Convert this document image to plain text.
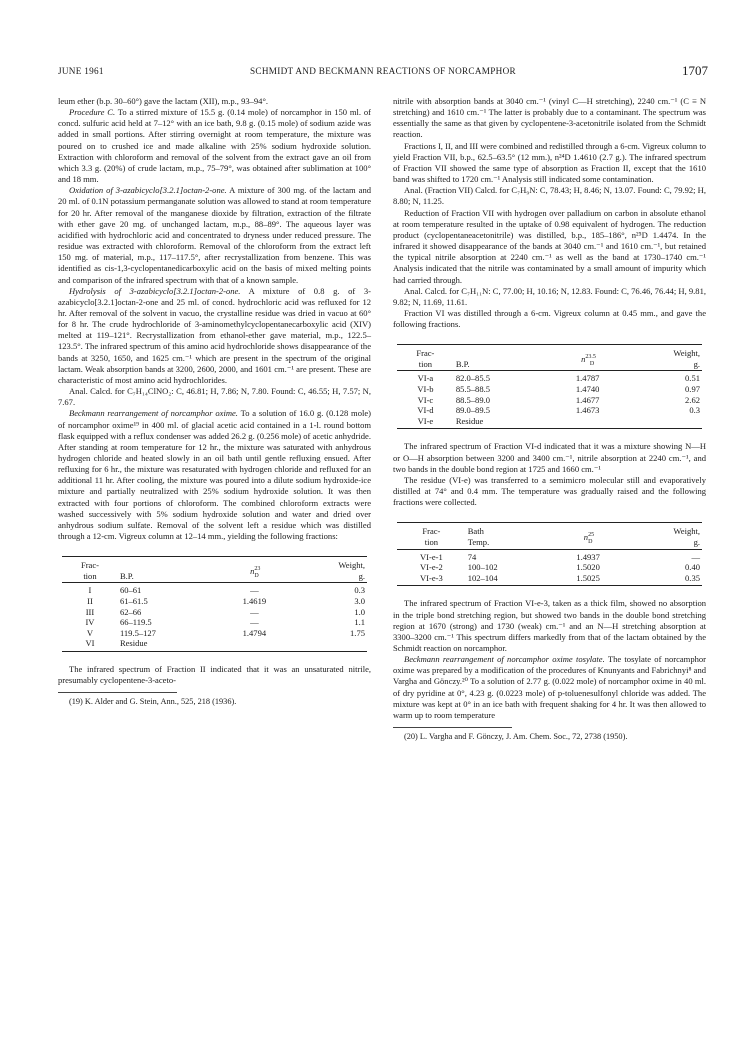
JUNE 1961	SCHMIDT AND BECKMANN REACTIONS OF NORCAMPHOR	1707

leum ether (b.p. 30–60°) gave the lactam (XII), m.p., 93–94°.

Procedure C. To a stirred mixture of 15.5 g. (0.14 mole) of norcamphor in 150 ml. of concd. sulfuric acid held at 7–12° with an ice bath, 9.8 g. (0.15 mole) of sodium azide was added in small portions. After stirring overnight at room temperature, the mixture was poured on to crushed ice and made alkaline with 25% sodium hydroxide solution. Extraction with chloroform and removal of the solvent from the extract gave an oil from which 3.3 g. (20%) of crude lactam, m.p., 75–79°, was obtained after sublimation at 100° and 18 mm.

Oxidation of 3-azabicyclo[3.2.1]octan-2-one. A mixture of 300 mg. of the lactam and 20 ml. of 0.1N potassium permanganate solution was allowed to stand at room temperature for 20 hr. After removal of the manganese dioxide by filtration, extraction of the filtrate with ether gave 20 mg. of unchanged lactam, m.p., 88–89°. The aqueous layer was acidified with hydrochloric acid and concentrated to dryness under reduced pressure. The residue was extracted with chloroform. Removal of the chloroform from the extract left 150 mg. of material, m.p., 117–117.5°, after recrystallization from benzene. This was identified as cis-1,3-cyclopentanedicarboxylic acid on the basis of mixed melting points and comparison of the infrared spectrum with that of a known sample.

Hydrolysis of 3-azabicyclo[3.2.1]octan-2-one. A mixture of 0.8 g. of 3-azabicyclo[3.2.1]octan-2-one and 25 ml. of concd. hydrochloric acid was refluxed for 12 hr. After removal of the solvent in vacuo, the crystalline residue was dried in vacuo at 60° for 8 hr. The crude hydrochloride of 3-aminomethylcyclopentanecarboxylic acid (XIV) melted at 119–121°. Recrystallization from ethanol-ether gave material, m.p., 122.5–123.5°. The infrared spectrum of this amino acid hydrochloride shows disappearance of the bands at 3250, 1650, and 1625 cm.⁻¹ which are present in the spectrum of the original lactam. Weak absorption bands at 3200, 2600, 2000, and 1601 cm.⁻¹ are present. These are characteristic of most amino acid hydrochlorides.

Anal. Calcd. for C₇H₁₄ClNO₂: C, 46.81; H, 7.86; N, 7.80. Found: C, 46.55; H, 7.57; N, 7.67.

Beckmann rearrangement of norcamphor oxime. To a solution of 16.0 g. (0.128 mole) of norcamphor oxime¹⁹ in 400 ml. of glacial acetic acid contained in a 1-l. round bottom flask equipped with a reflux condenser was added 26.2 g. (0.256 mole) of acetic anhydride. After standing at room temperature for 12 hr., the mixture was saturated with anhydrous hydrogen chloride and heated slowly in an oil bath until gentle refluxing ensued. After refluxing for 6 hr., the mixture was resaturated with hydrogen chloride and refluxed for an additional 11 hr. After cooling, the mixture was poured into a dilute sodium hydroxide-ice mixture and partially neutralized with 25% sodium hydroxide solution. It was then extracted with four portions of chloroform. The combined chloroform extracts were washed successively with 5% sodium hydroxide solution and water and dried over anhydrous sodium sulfate. Removal of the solvent left a residue which was distilled through a 12-cm. Vigreux column at 12–14 mm., yielding the following fractions:

Frac-
tion	B.P.	$n^{23}_D$	Weight,
g.
I	60–61	—	0.3
II	61–61.5	1.4619	3.0
III	62–66	—	1.0
IV	66–119.5	—	1.1
V	119.5–127	1.4794	1.75
VI	Residue		

The infrared spectrum of Fraction II indicated that it was an unsaturated nitrile, presumably cyclopentene-3-aceto-

(19) K. Alder and G. Stein, Ann., 525, 218 (1936).

nitrile with absorption bands at 3040 cm.⁻¹ (vinyl C—H stretching), 2240 cm.⁻¹ (C ≡ N stretching) and 1610 cm.⁻¹ The latter is probably due to a contaminant. The spectrum was essentially the same as that given by cyclopentene-3-acetonitrile isolated from the Schmidt reaction.

Fractions I, II, and III were combined and redistilled through a 6-cm. Vigreux column to yield Fraction VII, b.p., 62.5–63.5° (12 mm.), n²⁴D 1.4610 (2.7 g.). The infrared spectrum of Fraction VII showed the same type of absorption as Fraction II, except that the 1610 band was shifted to 1720 cm.⁻¹ Analysis still indicated some contamination.

Anal. (Fraction VII) Calcd. for C₇H₉N: C, 78.43; H, 8.46; N, 13.07. Found: C, 79.92; H, 8.80; N, 11.25.

Reduction of Fraction VII with hydrogen over palladium on carbon in absolute ethanol at room temperature resulted in the uptake of 0.98 equivalent of hydrogen. The reduction product (cyclopentaneacetonitrile) was distilled, b.p., 185–186°, n²⁵D 1.4474. In the infrared it showed disappearance of the bands at 3040 cm.⁻¹ and 1610 cm.⁻¹, but retained the typical nitrile absorption at 2240 cm.⁻¹ as well as the band at 1730–1740 cm.⁻¹ Analysis indicated that the nitrile was contaminated by a small amount of impurity which had carried through.

Anal. Calcd. for C₇H₁₁N: C, 77.00; H, 10.16; N, 12.83. Found: C, 76.46, 76.44; H, 9.81, 9.82; N, 11.69, 11.61.

Fraction VI was distilled through a 6-cm. Vigreux column at 0.45 mm., and gave the following fractions.

Frac-
tion	B.P.	$n^{23.5}_D$	Weight,
g.
VI-a	82.0–85.5	1.4787	0.51
VI-b	85.5–88.5	1.4740	0.97
VI-c	88.5–89.0	1.4677	2.62
VI-d	89.0–89.5	1.4673	0.3
VI-e	Residue		

The infrared spectrum of Fraction VI-d indicated that it was a mixture showing N—H or O—H absorption between 3200 and 3400 cm.⁻¹, nitrile absorption at 2240 cm.⁻¹, and two bands in the double bond region at 1725 and 1660 cm.⁻¹

The residue (VI-e) was transferred to a semimicro molecular still and evaporatively distilled at 74° and 0.4 mm. The temperature was gradually raised and the following fractions were collected.

Frac-
tion	Bath
Temp.	$n^{25}_D$	Weight,
g.
VI-e-1	74	1.4937	—
VI-e-2	100–102	1.5020	0.40
VI-e-3	102–104	1.5025	0.35

The infrared spectrum of Fraction VI-e-3, taken as a thick film, showed no absorption in the triple bond stretching region, but showed two bands in the double bond stretching region at 1670 (strong) and 1730 (weak) cm.⁻¹ and an N—H stretching absorption at 3300–3200 cm.⁻¹ This spectrum differs markedly from that of the lactam obtained by the Schmidt reaction on norcamphor.

Beckmann rearrangement of norcamphor oxime tosylate. The tosylate of norcamphor oxime was prepared by a modification of the procedures of Knunyants and Fabrichnyi⁸ and Vargha and Gönczy.²⁰ To a solution of 2.77 g. (0.022 mole) of norcamphor oxime in 40 ml. of dry pyridine at 0°, 4.23 g. (0.0223 mole) of p-toluenesulfonyl chloride was added. The mixture was kept at 0° in an ice bath with frequent shaking for 4 hr. It was then allowed to warm up to room temperature

(20) L. Vargha and F. Gönczy, J. Am. Chem. Soc., 72, 2738 (1950).
